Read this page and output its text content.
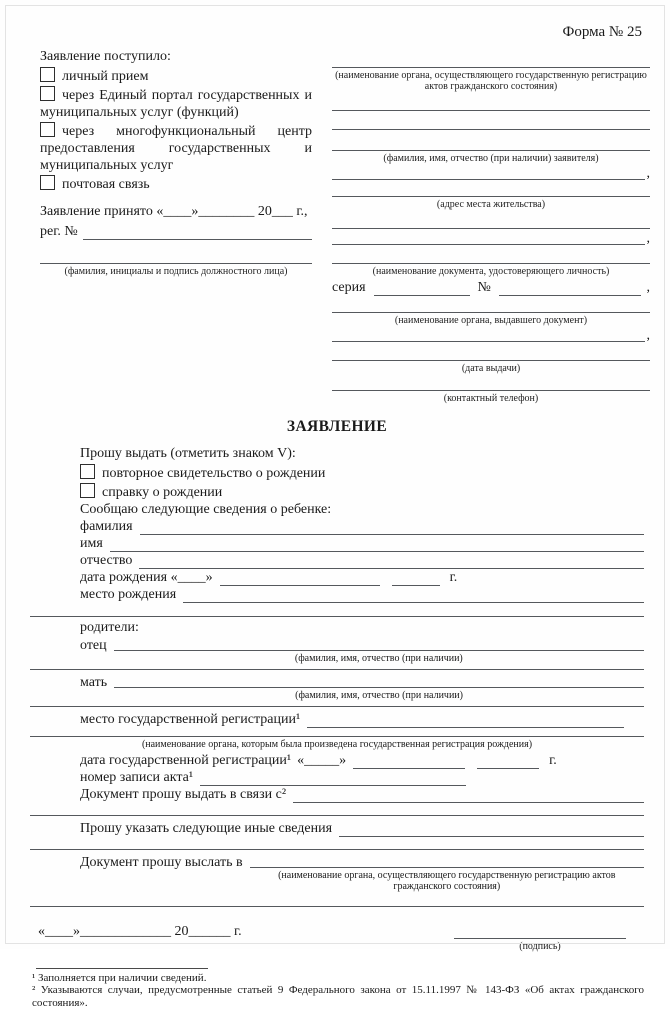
Форма № 25
Заявление поступило:
личный прием
через Единый портал государственных и муниципальных услуг (функций)
через многофункциональный центр предоставления государственных и муниципальных услуг
почтовая связь
Заявление принято «____»________ 20___ г.,
рег. №
(фамилия, инициалы и подпись должностного лица)
(наименование органа, осуществляющего государственную регистрацию актов гражданского состояния)
(фамилия, имя, отчество (при наличии) заявителя)
,
(адрес места жительства)
,
(наименование документа, удостоверяющего личность)
серия	№	,
(наименование органа, выдавшего документ)
,
(дата выдачи)
(контактный телефон)
ЗАЯВЛЕНИЕ
Прошу выдать (отметить знаком V):
повторное свидетельство о рождении
справку о рождении
Сообщаю следующие сведения о ребенке:
фамилия
имя
отчество
дата рождения «____»	г.
место рождения
родители:
отец
(фамилия, имя, отчество (при наличии)
мать
(фамилия, имя, отчество (при наличии)
место государственной регистрации¹
(наименование органа, которым была произведена государственная регистрация рождения)
дата государственной регистрации¹ «_____»	г.
номер записи акта¹
Документ прошу выдать в связи с²
Прошу указать следующие иные сведения
Документ прошу выслать в
(наименование органа, осуществляющего государственную регистрацию актов гражданского состояния)
«____»_____________ 20______ г.
(подпись)
¹ Заполняется при наличии сведений.
² Указываются случаи, предусмотренные статьей 9 Федерального закона от 15.11.1997 № 143-ФЗ «Об актах гражданского состояния».
